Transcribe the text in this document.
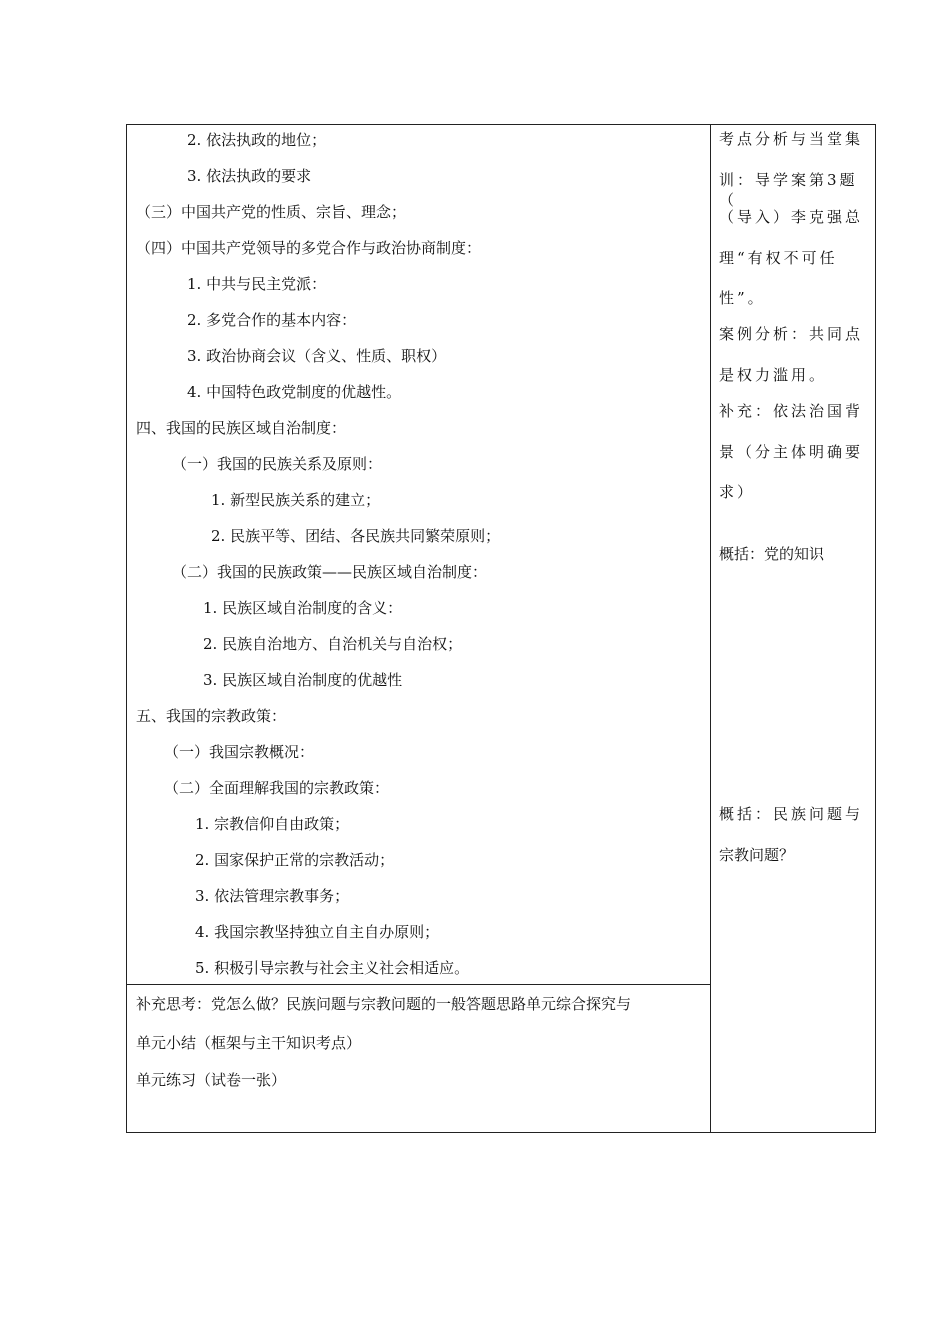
2. 依法执政的地位；
3. 依法执政的要求
（三）中国共产党的性质、宗旨、理念；
（四）中国共产党领导的多党合作与政治协商制度：
1. 中共与民主党派：
2. 多党合作的基本内容：
3. 政治协商会议（含义、性质、职权）
4. 中国特色政党制度的优越性。
四、我国的民族区域自治制度：
（一）我国的民族关系及原则：
1. 新型民族关系的建立；
2. 民族平等、团结、各民族共同繁荣原则；
（二）我国的民族政策——民族区域自治制度：
1. 民族区域自治制度的含义：
2. 民族自治地方、自治机关与自治权；
3. 民族区域自治制度的优越性
五、我国的宗教政策：
（一）我国宗教概况：
（二）全面理解我国的宗教政策：
1. 宗教信仰自由政策；
2. 国家保护正常的宗教活动；
3. 依法管理宗教事务；
4. 我国宗教坚持独立自主自办原则；
5. 积极引导宗教与社会主义社会相适应。
补充思考：党怎么做？民族问题与宗教问题的一般答题思路单元综合探究与
单元小结（框架与主干知识考点）
单元练习（试卷一张）
考点分析与当堂集
训：导学案第3题（
（导入）李克强总
理“有权不可任
性”。
案例分析：共同点
是权力滥用。
补充：依法治国背
景（分主体明确要
求）
概括：党的知识
概括：民族问题与
宗教问题？
